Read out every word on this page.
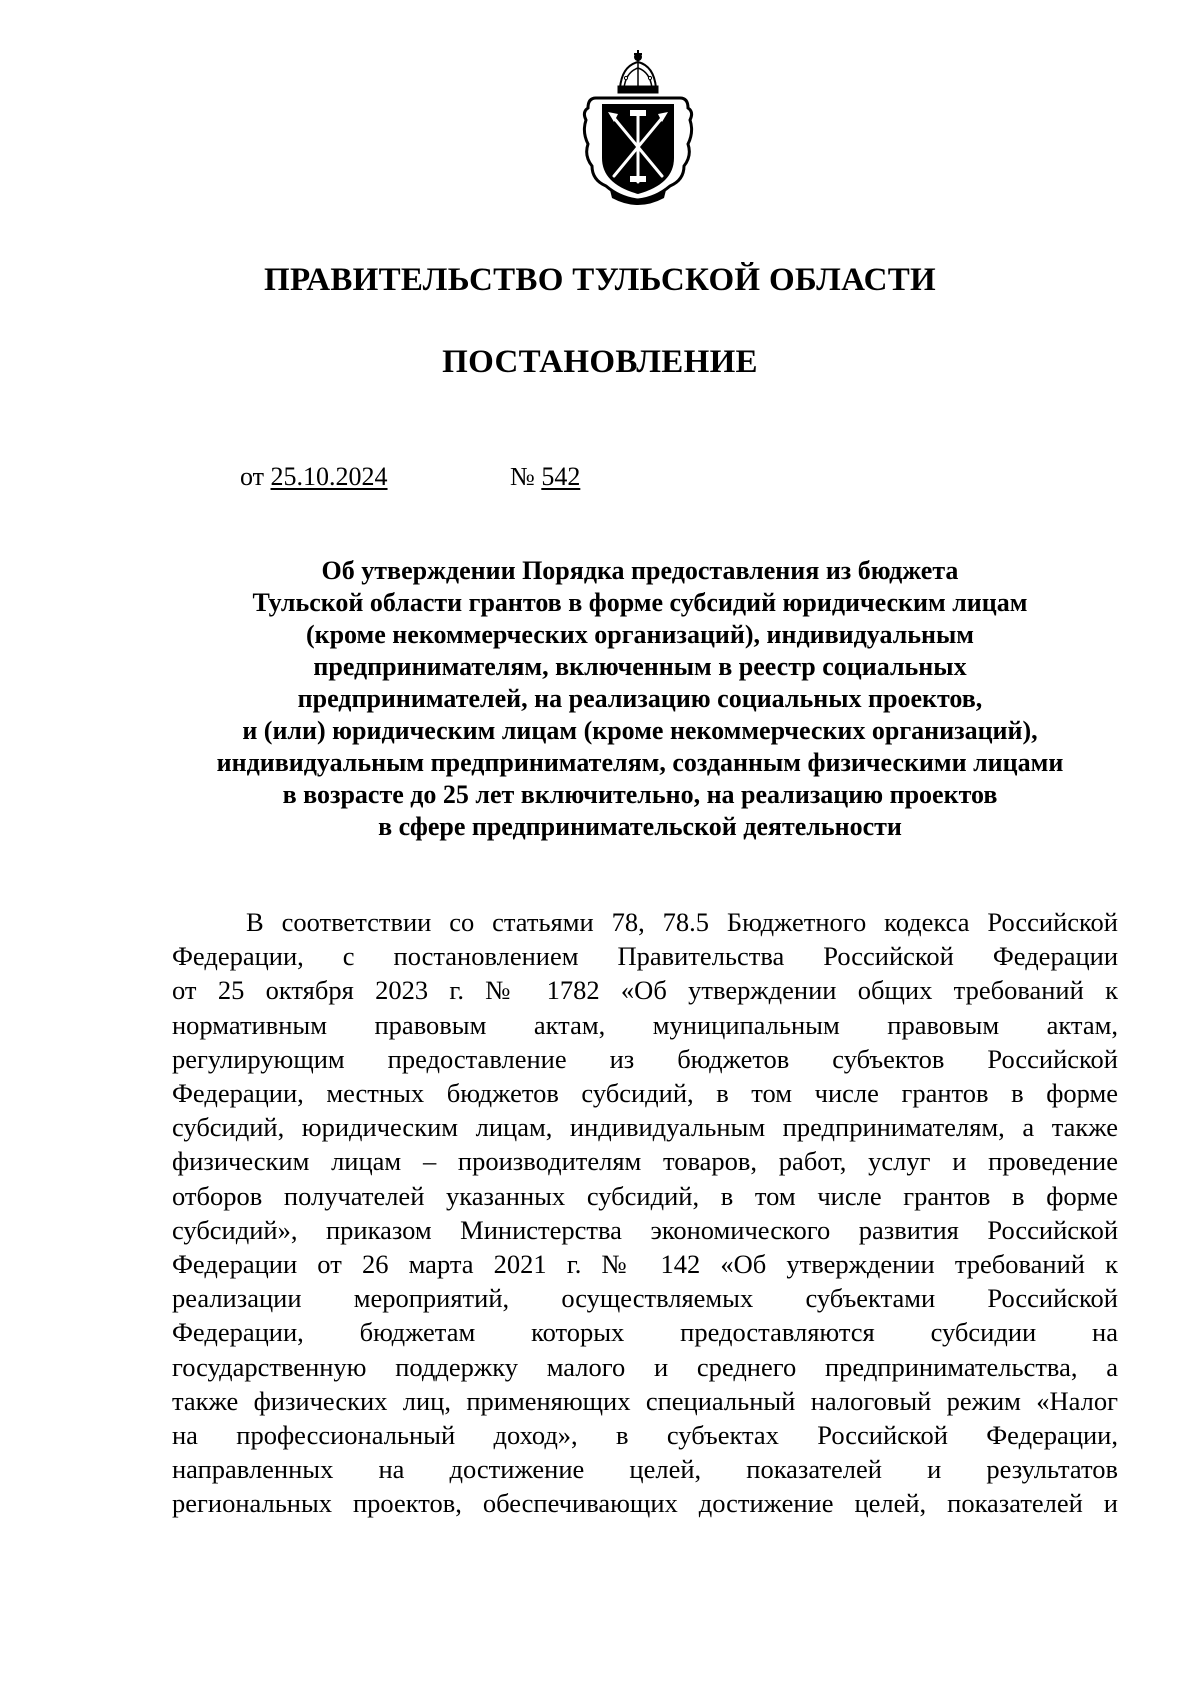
ПРАВИТЕЛЬСТВО ТУЛЬСКОЙ ОБЛАСТИ
ПОСТАНОВЛЕНИЕ
от 25.10.2024	№ 542
Об утверждении Порядка предоставления из бюджета
Тульской области грантов в форме субсидий юридическим лицам
(кроме некоммерческих организаций), индивидуальным
предпринимателям, включенным в реестр социальных
предпринимателей, на реализацию социальных проектов,
и (или) юридическим лицам (кроме некоммерческих организаций),
индивидуальным предпринимателям, созданным физическими лицами
в возрасте до 25 лет включительно, на реализацию проектов
в сфере предпринимательской деятельности
В соответствии со статьями 78, 78.5 Бюджетного кодекса Российской
Федерации, с постановлением Правительства Российской Федерации
от 25 октября 2023 г. № 1782 «Об утверждении общих требований к
нормативным правовым актам, муниципальным правовым актам,
регулирующим предоставление из бюджетов субъектов Российской
Федерации, местных бюджетов субсидий, в том числе грантов в форме
субсидий, юридическим лицам, индивидуальным предпринимателям, а также
физическим лицам – производителям товаров, работ, услуг и проведение
отборов получателей указанных субсидий, в том числе грантов в форме
субсидий», приказом Министерства экономического развития Российской
Федерации от 26 марта 2021 г. № 142 «Об утверждении требований к
реализации мероприятий, осуществляемых субъектами Российской
Федерации, бюджетам которых предоставляются субсидии на
государственную поддержку малого и среднего предпринимательства, а
также физических лиц, применяющих специальный налоговый режим «Налог
на профессиональный доход», в субъектах Российской Федерации,
направленных на достижение целей, показателей и результатов
региональных проектов, обеспечивающих достижение целей, показателей и
